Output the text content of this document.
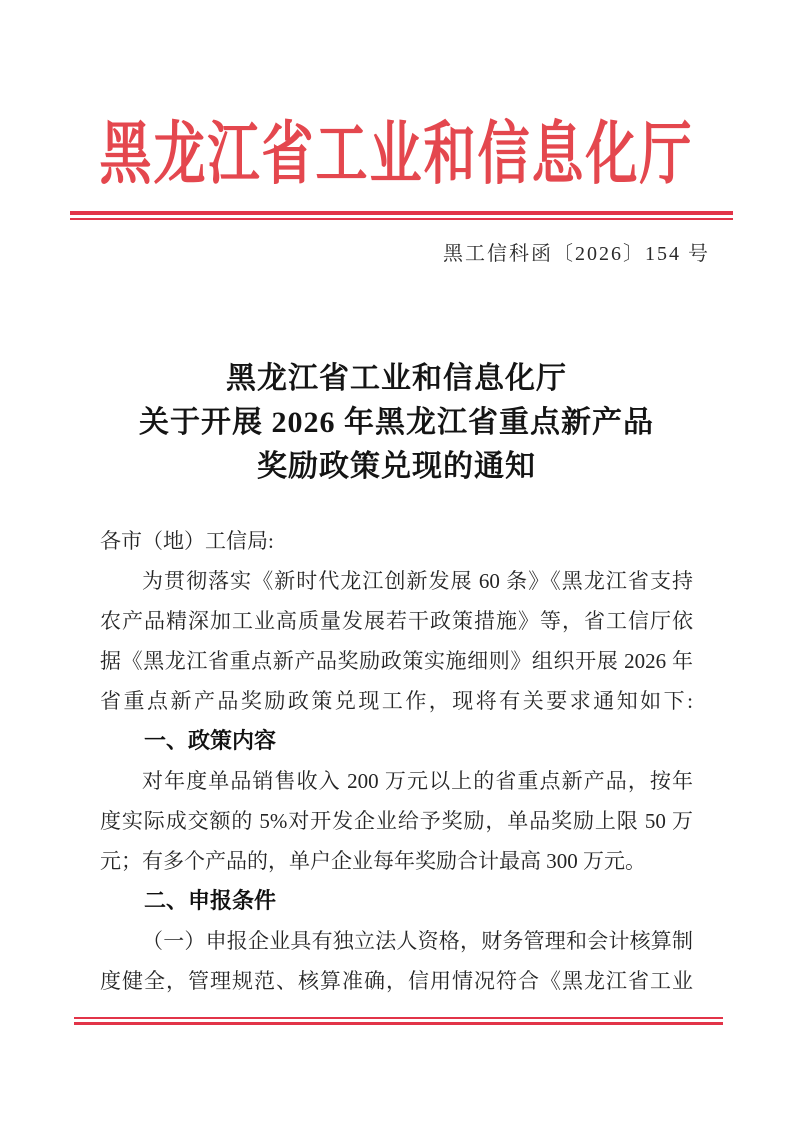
黑龙江省工业和信息化厅
黑工信科函〔2026〕154 号
黑龙江省工业和信息化厅
关于开展 2026 年黑龙江省重点新产品
奖励政策兑现的通知
各市（地）工信局:
为贯彻落实《新时代龙江创新发展 60 条》《黑龙江省支持
农产品精深加工业高质量发展若干政策措施》等，省工信厅依
据《黑龙江省重点新产品奖励政策实施细则》组织开展 2026 年
省重点新产品奖励政策兑现工作，现将有关要求通知如下:
一、政策内容
对年度单品销售收入 200 万元以上的省重点新产品，按年
度实际成交额的 5%对开发企业给予奖励，单品奖励上限 50 万
元；有多个产品的，单户企业每年奖励合计最高 300 万元。
二、申报条件
（一）申报企业具有独立法人资格，财务管理和会计核算制
度健全，管理规范、核算准确，信用情况符合《黑龙江省工业
